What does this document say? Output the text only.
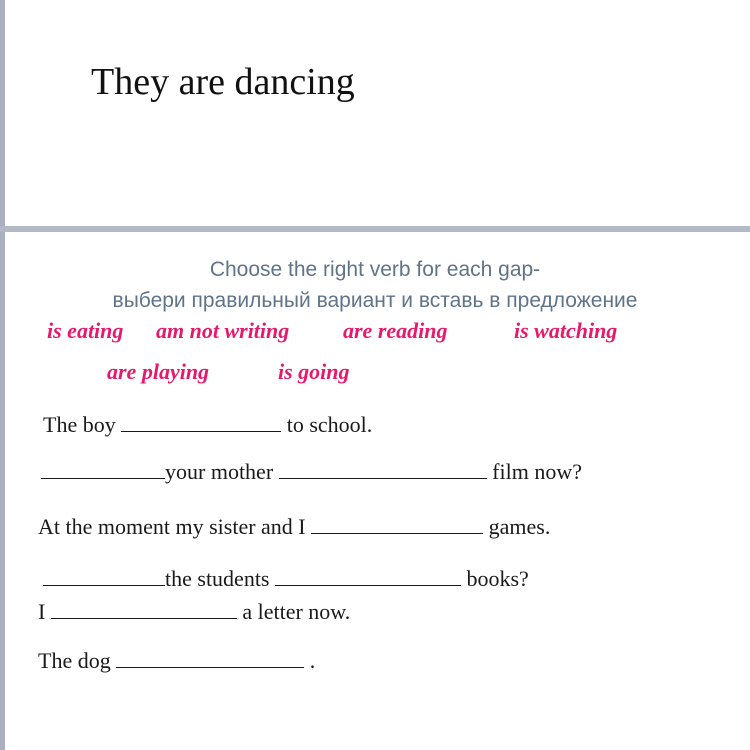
They are dancing

Choose the right verb for each gap-

выбери правильный вариант и вставь в предложение

is eating am not writing are reading	is watching
are playing	is going
The boy	to school.
your mother	film now?
At the moment my sister and I	games.
the students	books?
I	a letter now.
The dog	.
